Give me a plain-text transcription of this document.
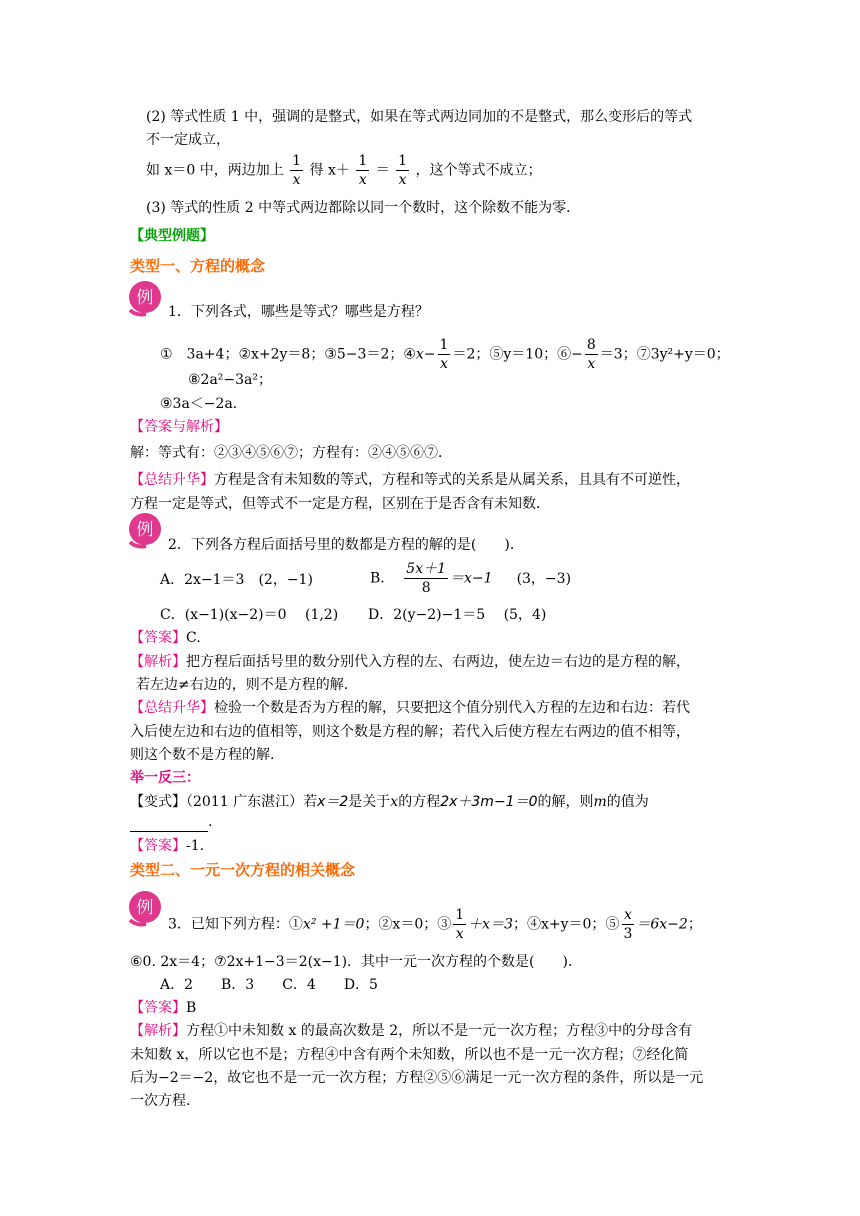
(2) 等式性质 1 中，强调的是整式，如果在等式两边同加的不是整式，那么变形后的等式
不一定成立，
如 x＝0 中，两边加上 $\frac{1}{x}$ 得 $x+ \frac{1}{x} = \frac{1}{x}$ ，这个等式不成立；
(3) 等式的性质 2 中等式两边都除以同一个数时，这个除数不能为零．
【典型例题】
类型一、方程的概念
例
1．下列各式，哪些是等式？哪些是方程？
①　3a+4；②x+2y＝8；③5−3＝2；④x− $\frac{1}{x} =2$；⑤y＝10；⑥− $\frac{8}{x} =3$；⑦3y²+y＝0；
⑧2a²−3a²；
⑨3a＜−2a．
【答案与解析】
解：等式有：②③④⑤⑥⑦；方程有：②④⑤⑥⑦．
【总结升华】方程是含有未知数的等式，方程和等式的关系是从属关系，且具有不可逆性，
方程一定是等式，但等式不一定是方程，区别在于是否含有未知数．
例
2．下列各方程后面括号里的数都是方程的解的是(　　)．
A．2x−1＝3　(2，−1)	B． $\frac{5x+1}{8} =x-1$ (3，−3)
C．(x−1)(x−2)＝0　 (1,2) D．2(y−2)−1＝5　 (5，4)
【答案】C.
【解析】把方程后面括号里的数分别代入方程的左、右两边，使左边＝右边的是方程的解，
若左边≠右边的，则不是方程的解.
【总结升华】检验一个数是否为方程的解，只要把这个值分别代入方程的左边和右边：若代
入后使左边和右边的值相等，则这个数是方程的解；若代入后使方程左右两边的值不相等，
则这个数不是方程的解.
举一反三：
【变式】（2011 广东湛江）若x＝2是关于x的方程2x＋3m−1＝0的解，则m的值为
.
【答案】-1.
类型二、一元一次方程的相关概念
例
3．已知下列方程：①x² +1＝0；②x＝0；③ $\frac{1}{x} +x=3$；④x+y＝0；⑤ $\frac{x}{3} =6x-2$；
⑥0. 2x＝4；⑦2x+1−3＝2(x−1)．其中一元一次方程的个数是(　　)．
A．2　　B．3　　C．4　　D．5
【答案】B
【解析】方程①中未知数 x 的最高次数是 2，所以不是一元一次方程；方程③中的分母含有
未知数 x，所以它也不是；方程④中含有两个未知数，所以也不是一元一次方程；⑦经化简
后为−2＝−2，故它也不是一元一次方程；方程②⑤⑥满足一元一次方程的条件，所以是一元
一次方程.
